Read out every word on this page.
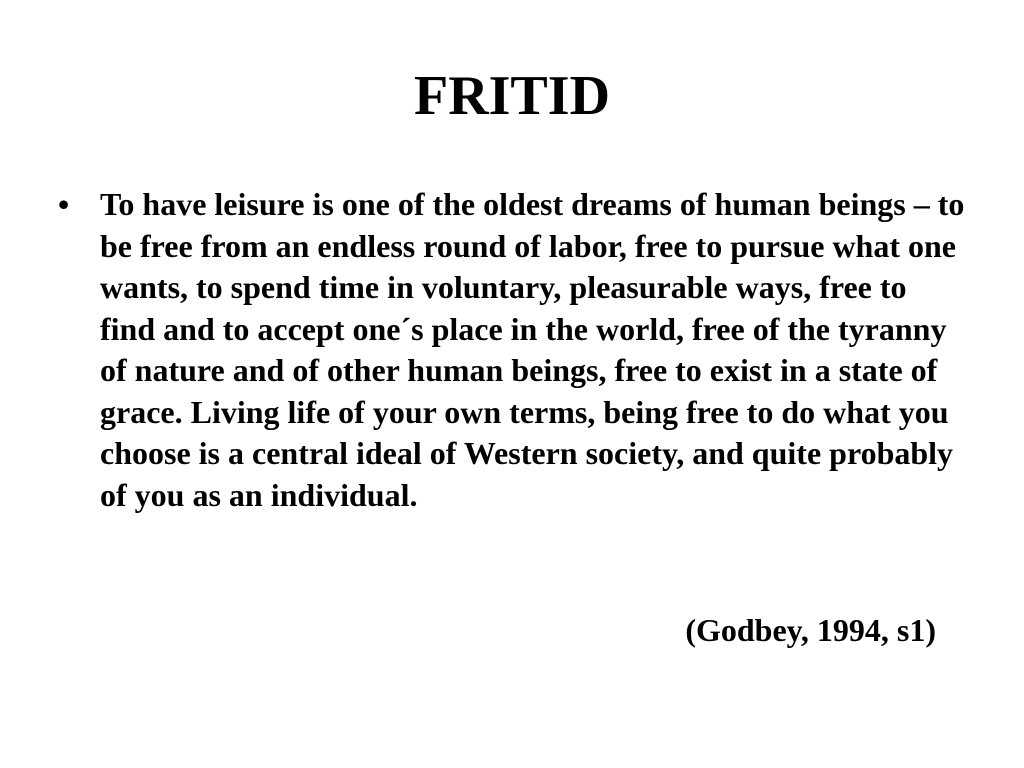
FRITID
• To have leisure is one of the oldest dreams of human beings – to be free from an endless round of labor, free to pursue what one wants, to spend time in voluntary, pleasurable ways, free to find and to accept one´s place in the world, free of the tyranny of nature and of other human beings, free to exist in a state of grace. Living life of your own terms, being free to do what you choose is a central ideal of Western society, and quite probably of you as an individual.

(Godbey, 1994, s1)
